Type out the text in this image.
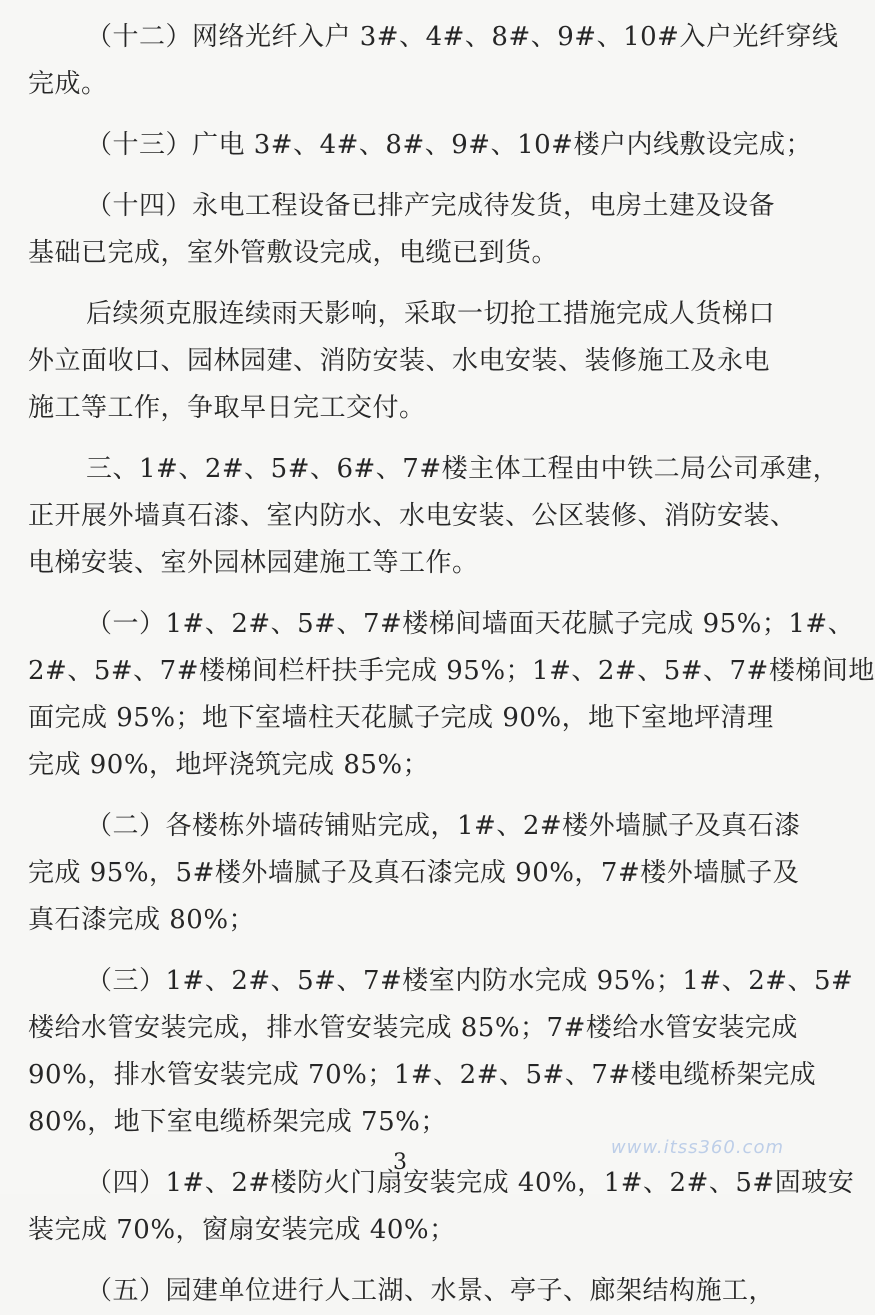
（十二）网络光纤入户 3#、4#、8#、9#、10#入户光纤穿线
完成。
（十三）广电 3#、4#、8#、9#、10#楼户内线敷设完成；
（十四）永电工程设备已排产完成待发货，电房土建及设备
基础已完成，室外管敷设完成，电缆已到货。
后续须克服连续雨天影响，采取一切抢工措施完成人货梯口
外立面收口、园林园建、消防安装、水电安装、装修施工及永电
施工等工作，争取早日完工交付。
三、1#、2#、5#、6#、7#楼主体工程由中铁二局公司承建，
正开展外墙真石漆、室内防水、水电安装、公区装修、消防安装、
电梯安装、室外园林园建施工等工作。
（一）1#、2#、5#、7#楼梯间墙面天花腻子完成 95%；1#、
2#、5#、7#楼梯间栏杆扶手完成 95%；1#、2#、5#、7#楼梯间地
面完成 95%；地下室墙柱天花腻子完成 90%，地下室地坪清理
完成 90%，地坪浇筑完成 85%；
（二）各楼栋外墙砖铺贴完成，1#、2#楼外墙腻子及真石漆
完成 95%，5#楼外墙腻子及真石漆完成 90%，7#楼外墙腻子及
真石漆完成 80%；
（三）1#、2#、5#、7#楼室内防水完成 95%；1#、2#、5#
楼给水管安装完成，排水管安装完成 85%；7#楼给水管安装完成
90%，排水管安装完成 70%；1#、2#、5#、7#楼电缆桥架完成
80%，地下室电缆桥架完成 75%；
（四）1#、2#楼防火门扇安装完成 40%，1#、2#、5#固玻安
装完成 70%，窗扇安装完成 40%；
（五）园建单位进行人工湖、水景、亭子、廊架结构施工，
www.itss360.com
3
